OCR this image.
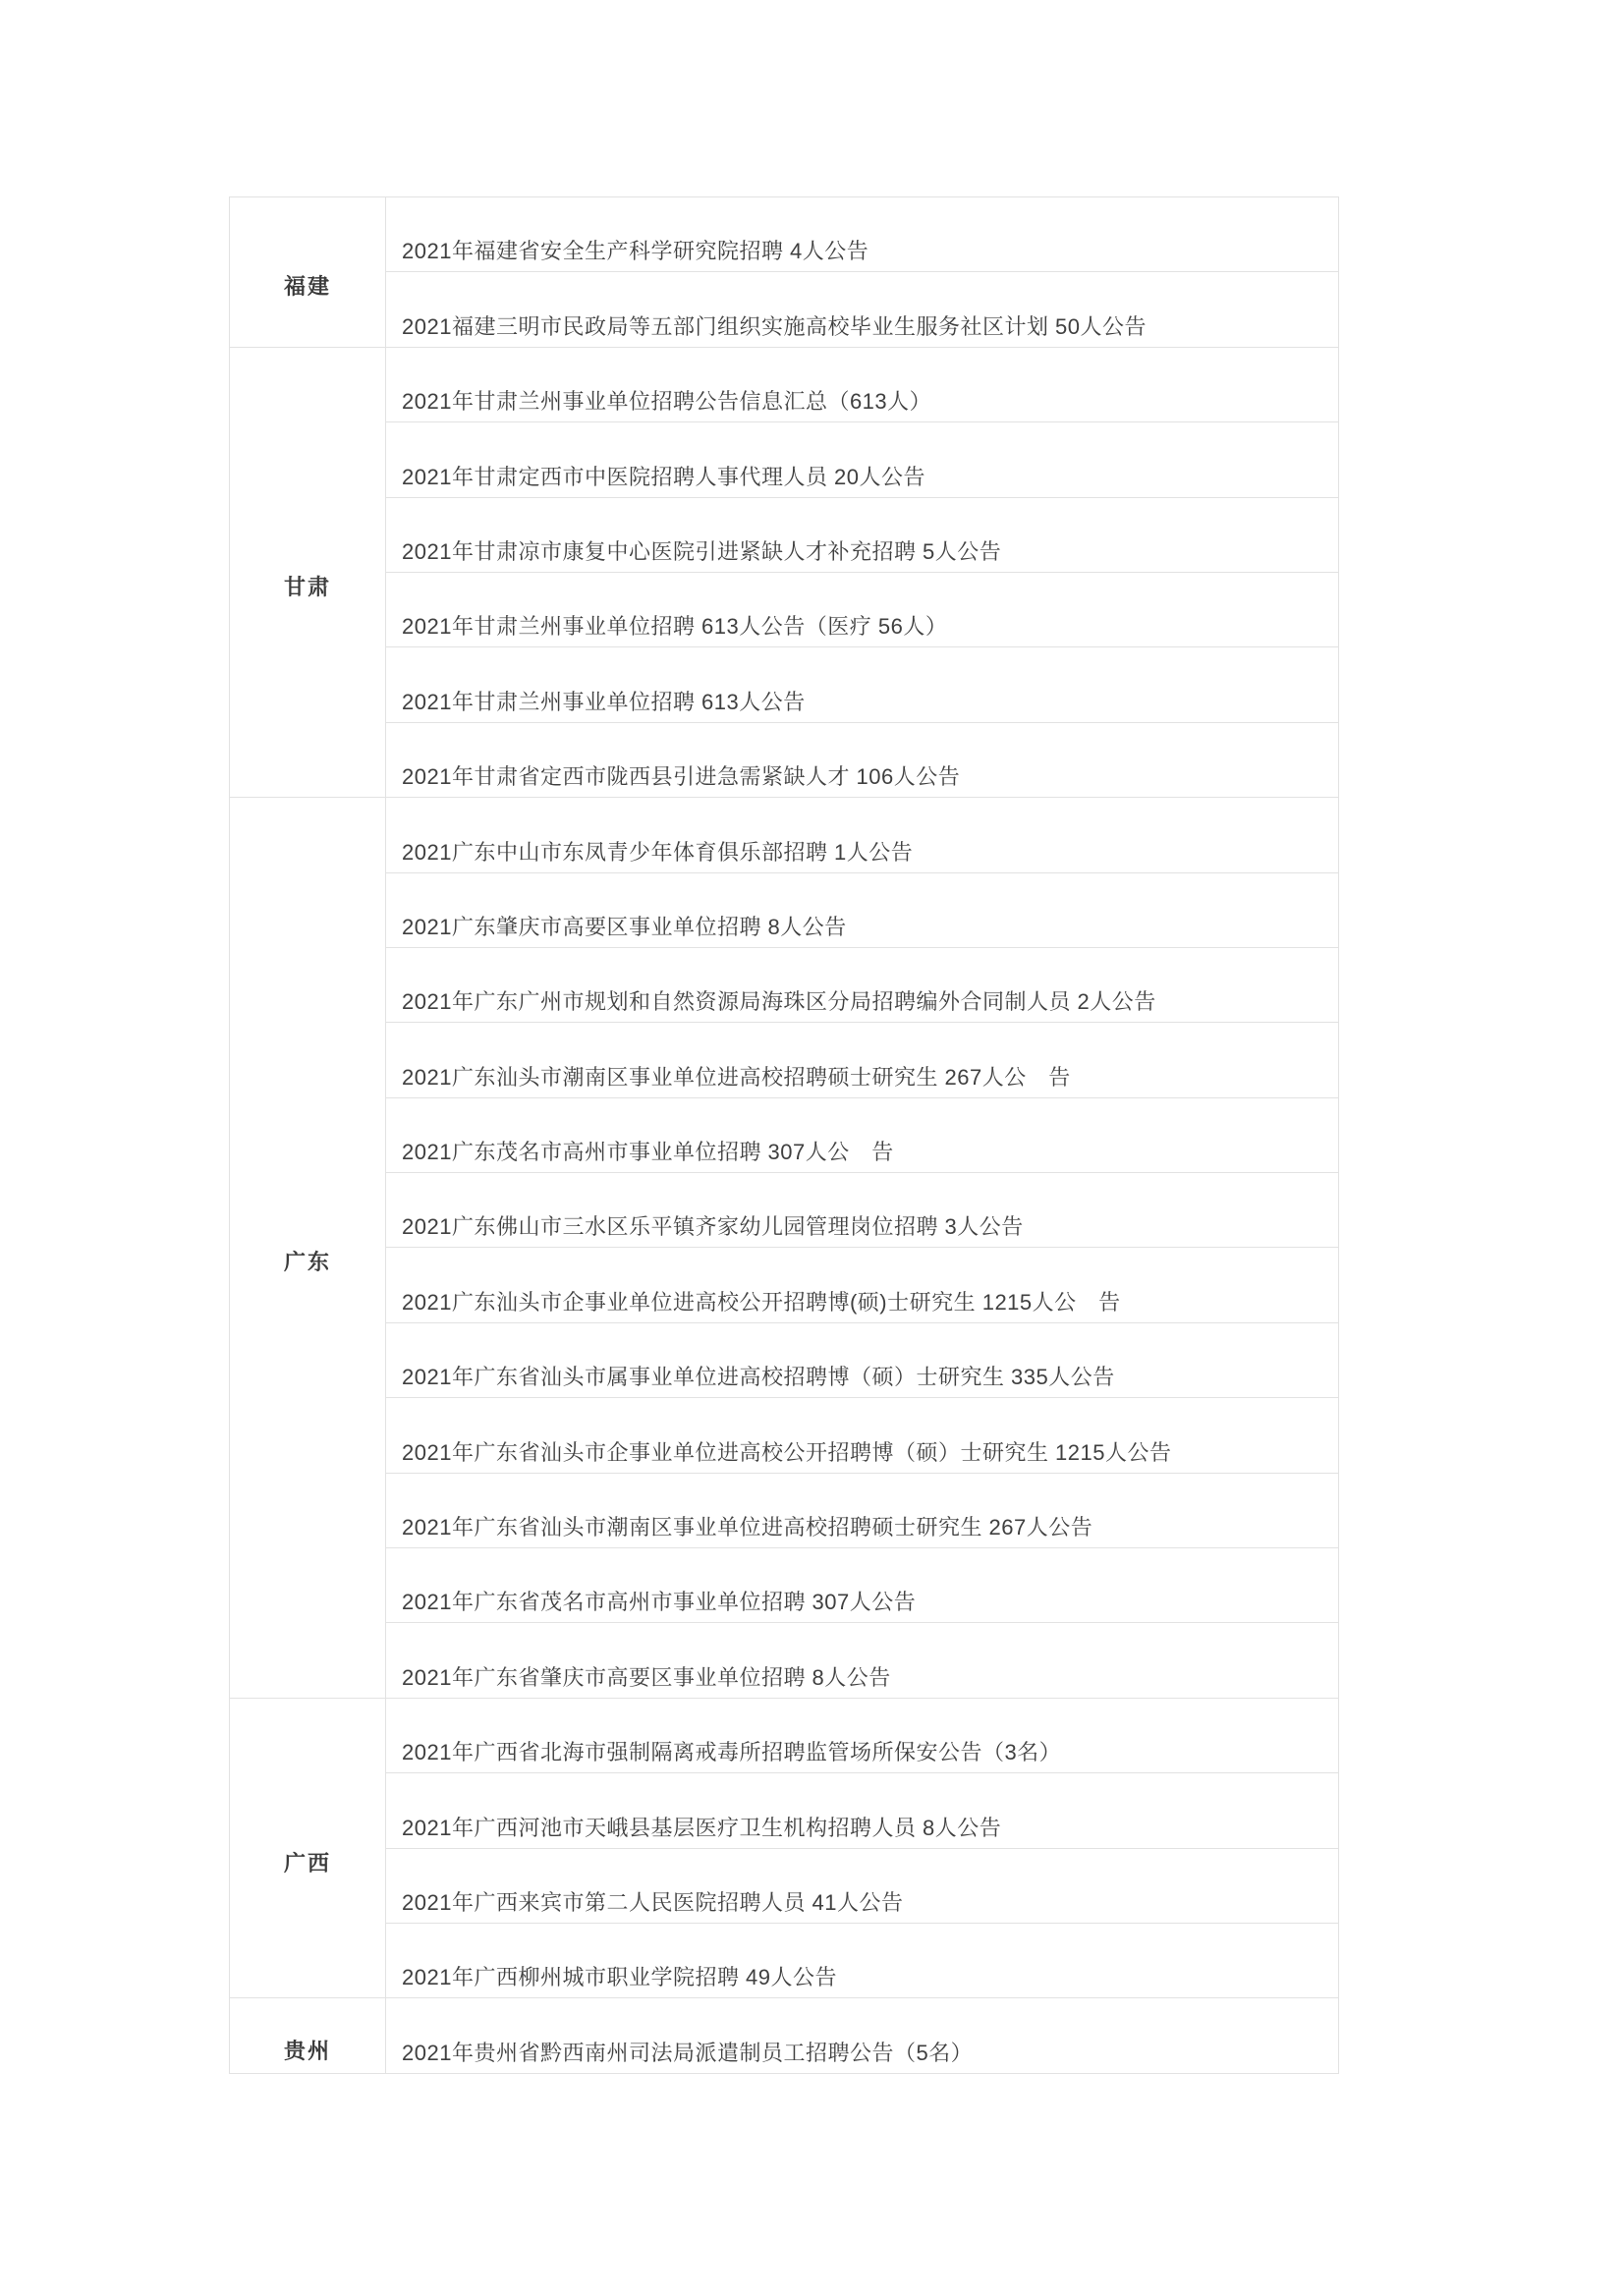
福建	2021年福建省安全生产科学研究院招聘 4人公告
	2021福建三明市民政局等五部门组织实施高校毕业生服务社区计划 50人公告
甘肃	2021年甘肃兰州事业单位招聘公告信息汇总（613人）
	2021年甘肃定西市中医院招聘人事代理人员 20人公告
	2021年甘肃凉市康复中心医院引进紧缺人才补充招聘 5人公告
	2021年甘肃兰州事业单位招聘 613人公告（医疗 56人）
	2021年甘肃兰州事业单位招聘 613人公告
	2021年甘肃省定西市陇西县引进急需紧缺人才 106人公告
广东	2021广东中山市东凤青少年体育俱乐部招聘 1人公告
	2021广东肇庆市高要区事业单位招聘 8人公告
	2021年广东广州市规划和自然资源局海珠区分局招聘编外合同制人员 2人公告
	2021广东汕头市潮南区事业单位进高校招聘硕士研究生 267人公　告
	2021广东茂名市高州市事业单位招聘 307人公　告
	2021广东佛山市三水区乐平镇齐家幼儿园管理岗位招聘 3人公告
	2021广东汕头市企事业单位进高校公开招聘博(硕)士研究生 1215人公　告
	2021年广东省汕头市属事业单位进高校招聘博（硕）士研究生 335人公告
	2021年广东省汕头市企事业单位进高校公开招聘博（硕）士研究生 1215人公告
	2021年广东省汕头市潮南区事业单位进高校招聘硕士研究生 267人公告
	2021年广东省茂名市高州市事业单位招聘 307人公告
	2021年广东省肇庆市高要区事业单位招聘 8人公告
广西	2021年广西省北海市强制隔离戒毒所招聘监管场所保安公告（3名）
	2021年广西河池市天峨县基层医疗卫生机构招聘人员 8人公告
	2021年广西来宾市第二人民医院招聘人员 41人公告
	2021年广西柳州城市职业学院招聘 49人公告
贵州	2021年贵州省黔西南州司法局派遣制员工招聘公告（5名）
